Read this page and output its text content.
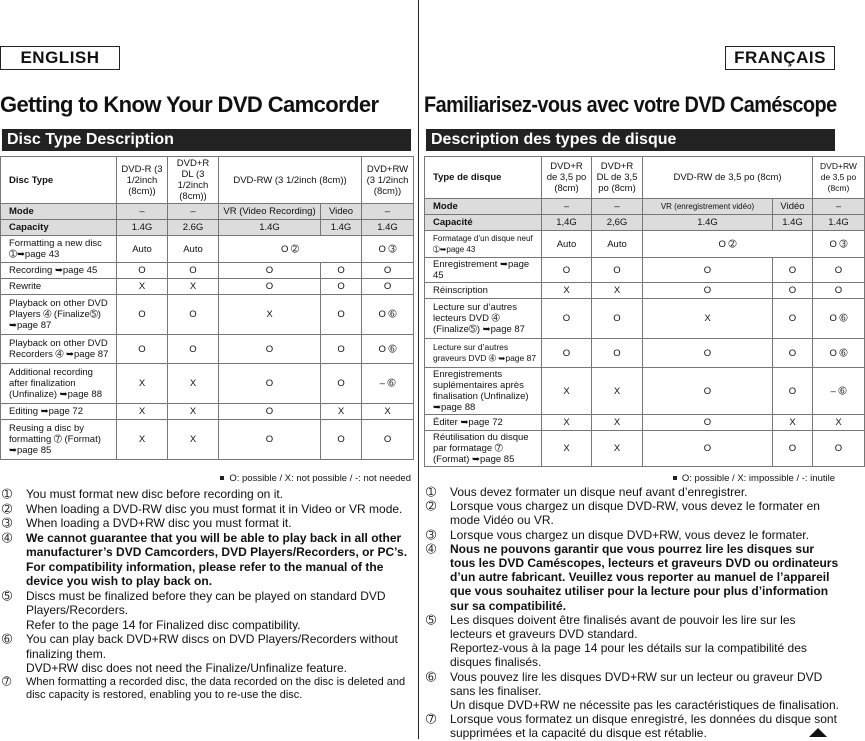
ENGLISH
Getting to Know Your DVD Camcorder
Disc Type Description
Disc Type	DVD-R (3 1/2inch (8cm))	DVD+R DL (3 1/2inch (8cm))	DVD-RW (3 1/2inch (8cm))		DVD+RW (3 1/2inch (8cm))
Mode	–	–	VR (Video Recording)	Video	–
Capacity	1.4G	2.6G	1.4G	1.4G	1.4G
Formatting a new disc ➀➥page 43	Auto	Auto	O ➁		O ➂
Recording ➥page 45	O	O	O	O	O
Rewrite	X	X	O	O	O
Playback on other DVD Players ➃ (Finalize➄) ➥page 87	O	O	X	O	O ➅
Playback on other DVD Recorders ➃ ➥page 87	O	O	O	O	O ➅
Additional recording after finalization (Unfinalize) ➥page 88	X	X	O	O	– ➅
Editing ➥page 72	X	X	O	X	X
Reusing a disc by formatting ➆ (Format) ➥page 85	X	X	O	O	O
O: possible / X: not possible / -: not needed
➀ You must format new disc before recording on it.
➁ When loading a DVD-RW disc you must format it in Video or VR mode.
➂ When loading a DVD+RW disc you must format it.
➃ We cannot guarantee that you will be able to play back in all other manufacturer’s DVD Camcorders, DVD Players/Recorders, or PC’s. For compatibility information, please refer to the manual of the device you wish to play back on.
➄ Discs must be finalized before they can be played on standard DVD Players/Recorders.
Refer to the page 14 for Finalized disc compatibility.
➅ You can play back DVD+RW discs on DVD Players/Recorders without finalizing them.
DVD+RW disc does not need the Finalize/Unfinalize feature.
➆ When formatting a recorded disc, the data recorded on the disc is deleted and disc capacity is restored, enabling you to re-use the disc.
FRANÇAIS
Familiarisez-vous avec votre DVD Caméscope
Description des types de disque
Type de disque	DVD+R de 3,5 po (8cm)	DVD+R DL de 3,5 po (8cm)	DVD-RW de 3,5 po (8cm)		DVD+RW de 3,5 po (8cm)
Mode	–	–	VR (enregistrement vidéo)	Vidéo	–
Capacité	1,4G	2,6G	1.4G	1.4G	1.4G
Formatage d’un disque neuf ➀➥page 43	Auto	Auto	O ➁		O ➂
Enregistrement ➥page 45	O	O	O	O	O
Réinscription	X	X	O	O	O
Lecture sur d’autres lecteurs DVD ➃ (Finalize➄) ➥page 87	O	O	X	O	O ➅
Lecture sur d’autres graveurs DVD ➃ ➥page 87	O	O	O	O	O ➅
Enregistrements suplémentaires après finalisation (Unfinalize) ➥page 88	X	X	O	O	– ➅
Éditer ➥page 72	X	X	O	X	X
Réutilisation du disque par formatage ➆ (Format) ➥page 85	X	X	O	O	O
O: possible / X: impossible / -: inutile
➀ Vous devez formater un disque neuf avant d’enregistrer.
➁ Lorsque vous chargez un disque DVD-RW, vous devez le formater en mode Vidéo ou VR.
➂ Lorsque vous chargez un disque DVD+RW, vous devez le formater.
➃ Nous ne pouvons garantir que vous pourrez lire les disques sur tous les DVD Caméscopes, lecteurs et graveurs DVD ou ordinateurs d’un autre fabricant. Veuillez vous reporter au manuel de l’appareil que vous souhaitez utiliser pour la lecture pour plus d’information sur sa compatibilité.
➄ Les disques doivent être finalisés avant de pouvoir les lire sur les lecteurs et graveurs DVD standard.
Reportez-vous à la page 14 pour les détails sur la compatibilité des disques finalisés.
➅ Vous pouvez lire les disques DVD+RW sur un lecteur ou graveur DVD sans les finaliser.
Un disque DVD+RW ne nécessite pas les caractéristiques de finalisation.
➆ Lorsque vous formatez un disque enregistré, les données du disque sont supprimées et la capacité du disque est rétablie.
